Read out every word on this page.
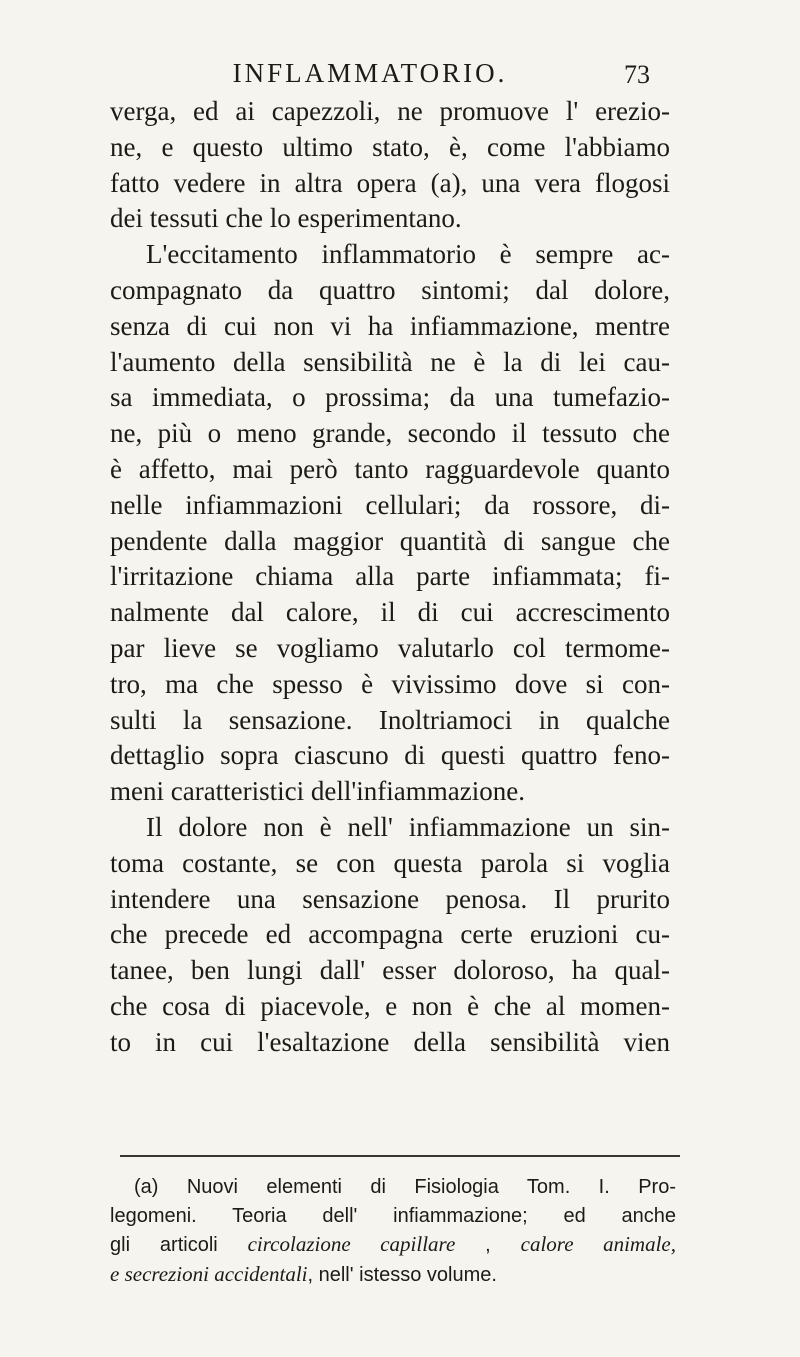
INFLAMMATORIO.	73
verga, ed ai capezzoli, ne promuove l' erezio-
ne, e questo ultimo stato, è, come l'abbiamo
fatto vedere in altra opera (a), una vera flogosi
dei tessuti che lo esperimentano.
L'eccitamento inflammatorio è sempre ac-
compagnato da quattro sintomi; dal dolore,
senza di cui non vi ha infiammazione, mentre
l'aumento della sensibilità ne è la di lei cau-
sa immediata, o prossima; da una tumefazio-
ne, più o meno grande, secondo il tessuto che
è affetto, mai però tanto ragguardevole quanto
nelle infiammazioni cellulari; da rossore, di-
pendente dalla maggior quantità di sangue che
l'irritazione chiama alla parte infiammata; fi-
nalmente dal calore, il di cui accrescimento
par lieve se vogliamo valutarlo col termome-
tro, ma che spesso è vivissimo dove si con-
sulti la sensazione. Inoltriamoci in qualche
dettaglio sopra ciascuno di questi quattro feno-
meni caratteristici dell'infiammazione.
Il dolore non è nell' infiammazione un sin-
toma costante, se con questa parola si voglia
intendere una sensazione penosa. Il prurito
che precede ed accompagna certe eruzioni cu-
tanee, ben lungi dall' esser doloroso, ha qual-
che cosa di piacevole, e non è che al momen-
to in cui l'esaltazione della sensibilità vien
(a) Nuovi elementi di Fisiologia Tom. I. Pro-
legomeni. Teoria dell' infiammazione; ed anche
gli articoli circolazione capillare , calore animale,
e secrezioni accidentali, nell' istesso volume.
